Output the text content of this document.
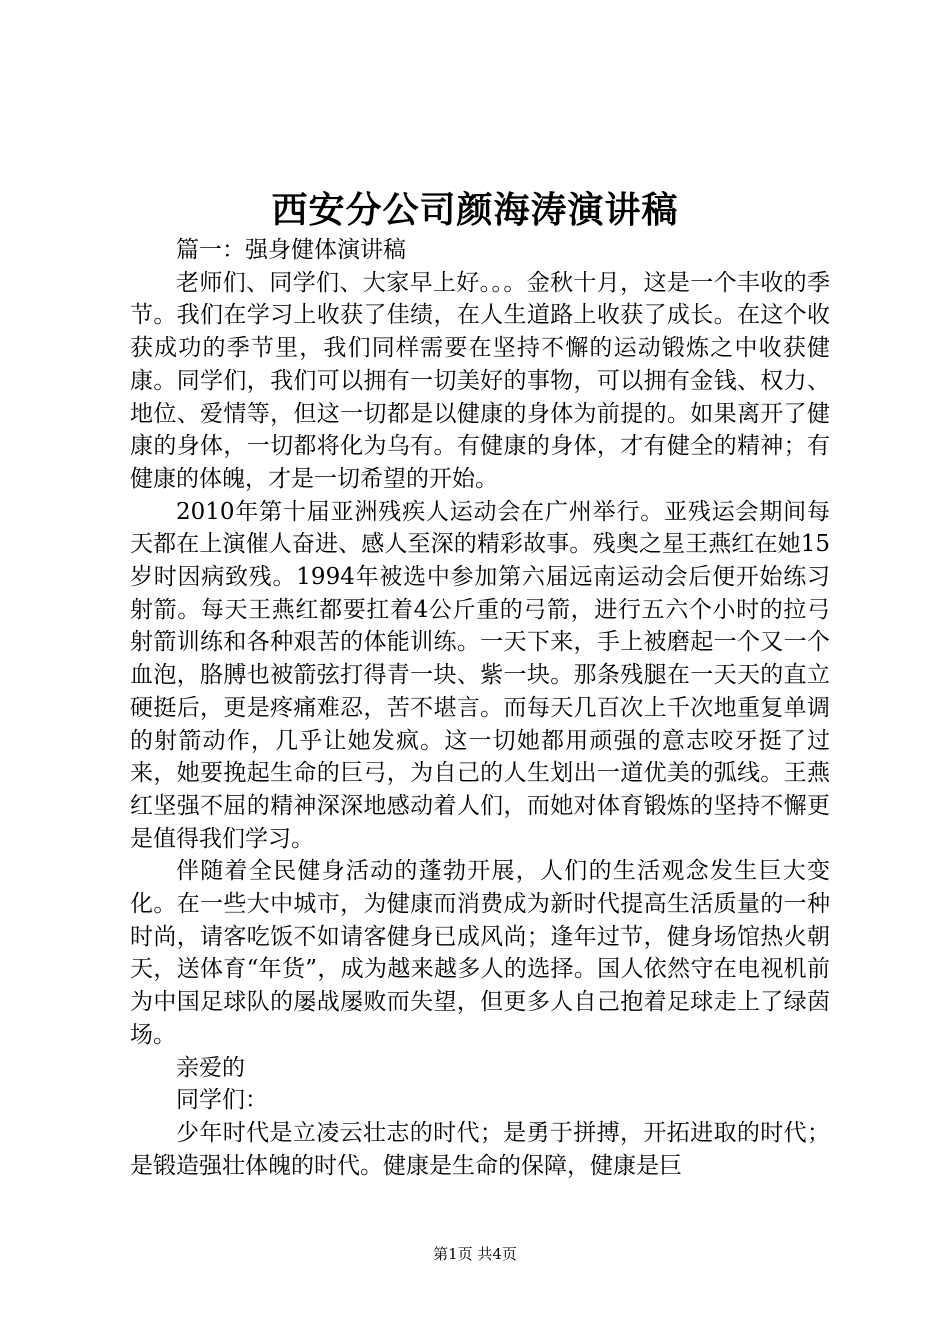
西安分公司颜海涛演讲稿

篇一：强身健体演讲稿

老师们、同学们、大家早上好。。。金秋十月，这是一个丰收的季节。我们在学习上收获了佳绩，在人生道路上收获了成长。在这个收获成功的季节里，我们同样需要在坚持不懈的运动锻炼之中收获健康。同学们，我们可以拥有一切美好的事物，可以拥有金钱、权力、地位、爱情等，但这一切都是以健康的身体为前提的。如果离开了健康的身体，一切都将化为乌有。有健康的身体，才有健全的精神；有健康的体魄，才是一切希望的开始。

2010年第十届亚洲残疾人运动会在广州举行。亚残运会期间每天都在上演催人奋进、感人至深的精彩故事。残奥之星王燕红在她15岁时因病致残。1994年被选中参加第六届远南运动会后便开始练习射箭。每天王燕红都要扛着4公斤重的弓箭，进行五六个小时的拉弓射箭训练和各种艰苦的体能训练。一天下来，手上被磨起一个又一个血泡，胳膊也被箭弦打得青一块、紫一块。那条残腿在一天天的直立硬挺后，更是疼痛难忍，苦不堪言。而每天几百次上千次地重复单调的射箭动作，几乎让她发疯。这一切她都用顽强的意志咬牙挺了过来，她要挽起生命的巨弓，为自己的人生划出一道优美的弧线。王燕红坚强不屈的精神深深地感动着人们，而她对体育锻炼的坚持不懈更是值得我们学习。

伴随着全民健身活动的蓬勃开展，人们的生活观念发生巨大变化。在一些大中城市，为健康而消费成为新时代提高生活质量的一种时尚，请客吃饭不如请客健身已成风尚；逢年过节，健身场馆热火朝天，送体育“年货”，成为越来越多人的选择。国人依然守在电视机前为中国足球队的屡战屡败而失望，但更多人自己抱着足球走上了绿茵场。

亲爱的

同学们：

少年时代是立凌云壮志的时代；是勇于拼搏，开拓进取的时代；是锻造强壮体魄的时代。健康是生命的保障，健康是巨

第1页 共4页
